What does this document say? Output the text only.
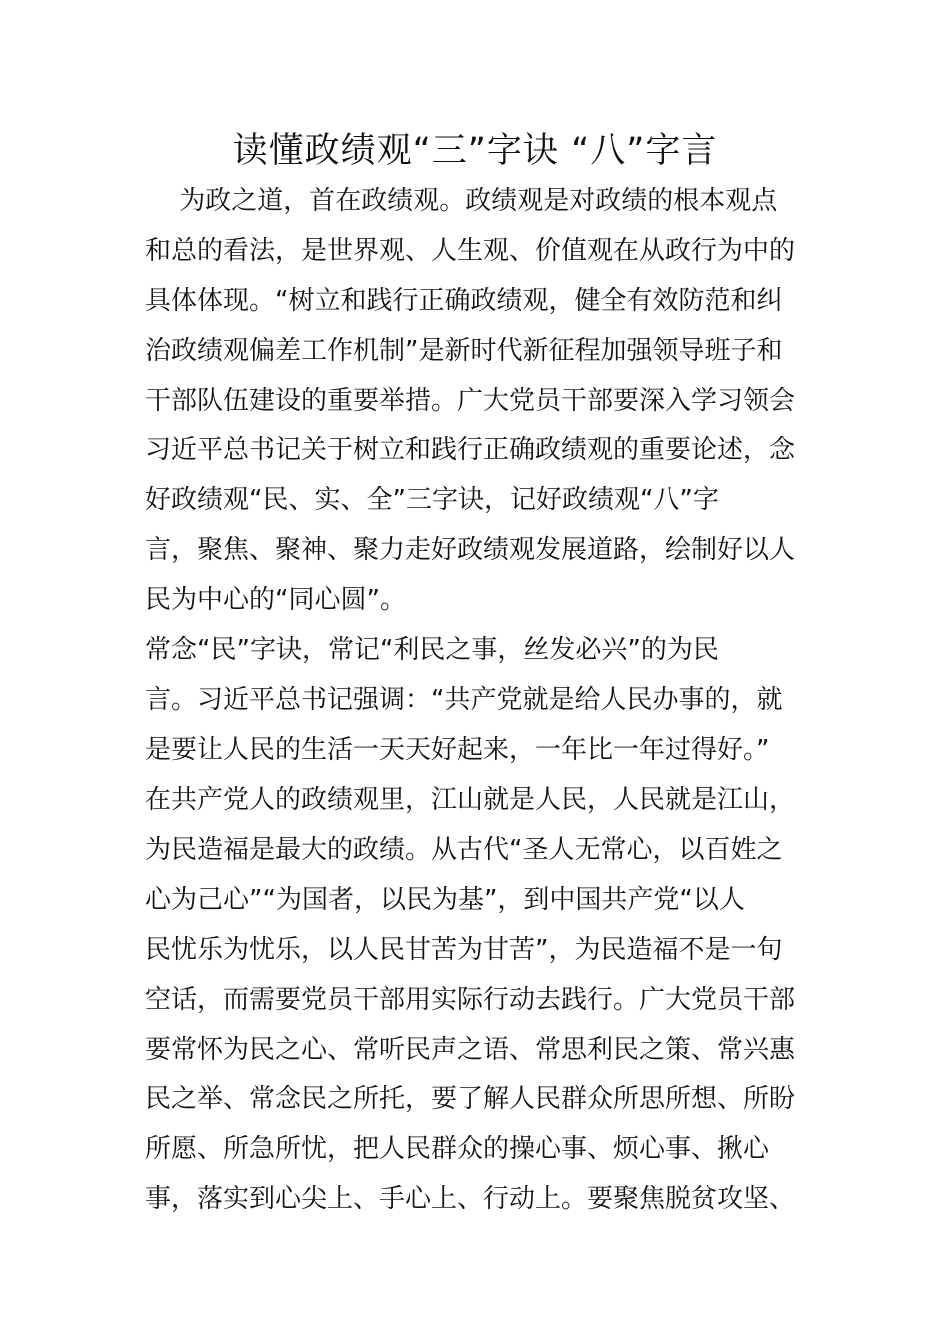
读懂政绩观“三”字诀 “八”字言
　 为政之道，首在政绩观。政绩观是对政绩的根本观点
和总的看法，是世界观、人生观、价值观在从政行为中的
具体体现。“树立和践行正确政绩观，健全有效防范和纠
治政绩观偏差工作机制”是新时代新征程加强领导班子和
干部队伍建设的重要举措。广大党员干部要深入学习领会
习近平总书记关于树立和践行正确政绩观的重要论述，念
好政绩观“民、实、全”三字诀，记好政绩观“八”字
言，聚焦、聚神、聚力走好政绩观发展道路，绘制好以人
民为中心的“同心圆”。
常念“民”字诀，常记“利民之事，丝发必兴”的为民
言。习近平总书记强调：“共产党就是给人民办事的，就
是要让人民的生活一天天好起来，一年比一年过得好。”
在共产党人的政绩观里，江山就是人民，人民就是江山，
为民造福是最大的政绩。从古代“圣人无常心，以百姓之
心为己心”“为国者，以民为基”，到中国共产党“以人
民忧乐为忧乐，以人民甘苦为甘苦”，为民造福不是一句
空话，而需要党员干部用实际行动去践行。广大党员干部
要常怀为民之心、常听民声之语、常思利民之策、常兴惠
民之举、常念民之所托，要了解人民群众所思所想、所盼
所愿、所急所忧，把人民群众的操心事、烦心事、揪心
事，落实到心尖上、手心上、行动上。要聚焦脱贫攻坚、
